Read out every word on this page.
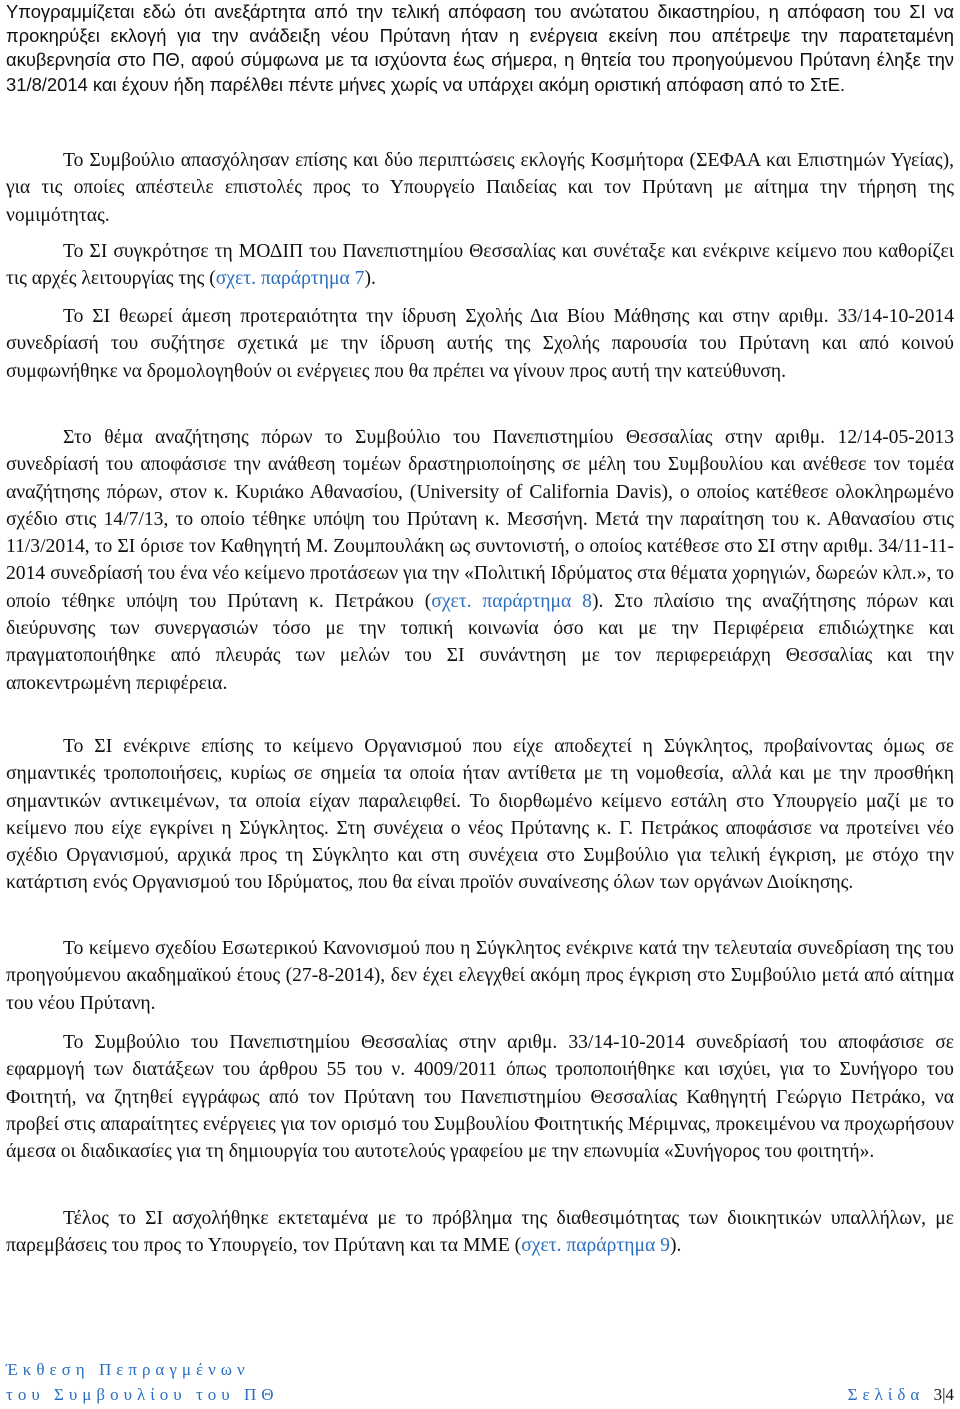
Υπογραμμίζεται εδώ ότι ανεξάρτητα από την τελική απόφαση του ανώτατου δικαστηρίου, η απόφαση του ΣΙ να προκηρύξει εκλογή για την ανάδειξη νέου Πρύτανη ήταν η ενέργεια εκείνη που απέτρεψε την παρατεταμένη ακυβερνησία στο ΠΘ, αφού σύμφωνα με τα ισχύοντα έως σήμερα, η θητεία του προηγούμενου Πρύτανη έληξε την 31/8/2014 και έχουν ήδη παρέλθει πέντε μήνες χωρίς να υπάρχει ακόμη οριστική απόφαση από το ΣτΕ.

Το Συμβούλιο απασχόλησαν επίσης και δύο περιπτώσεις εκλογής Κοσμήτορα (ΣΕΦΑΑ και Επιστημών Υγείας), για τις οποίες απέστειλε επιστολές προς το Υπουργείο Παιδείας και τον Πρύτανη με αίτημα την τήρηση της νομιμότητας.

Το ΣΙ συγκρότησε τη ΜΟΔΙΠ του Πανεπιστημίου Θεσσαλίας και συνέταξε και ενέκρινε κείμενο που καθορίζει τις αρχές λειτουργίας της (σχετ. παράρτημα 7).

Το ΣΙ θεωρεί άμεση προτεραιότητα την ίδρυση Σχολής Δια Βίου Μάθησης και στην αριθμ. 33/14-10-2014 συνεδρίασή του συζήτησε σχετικά με την ίδρυση αυτής της Σχολής παρουσία του Πρύτανη και από κοινού συμφωνήθηκε να δρομολογηθούν οι ενέργειες που θα πρέπει να γίνουν προς αυτή την κατεύθυνση.

Στο θέμα αναζήτησης πόρων το Συμβούλιο του Πανεπιστημίου Θεσσαλίας στην αριθμ. 12/14-05-2013 συνεδρίασή του αποφάσισε την ανάθεση τομέων δραστηριοποίησης σε μέλη του Συμβουλίου και ανέθεσε τον τομέα αναζήτησης πόρων, στον κ. Κυριάκο Αθανασίου, (University of California Davis), ο οποίος κατέθεσε ολοκληρωμένο σχέδιο στις 14/7/13, το οποίο τέθηκε υπόψη του Πρύτανη κ. Μεσσήνη. Μετά την παραίτηση του κ. Αθανασίου στις 11/3/2014, το ΣΙ όρισε τον Καθηγητή Μ. Ζουμπουλάκη ως συντονιστή, ο οποίος κατέθεσε στο ΣΙ στην αριθμ. 34/11-11-2014 συνεδρίασή του ένα νέο κείμενο προτάσεων για την «Πολιτική Ιδρύματος στα θέματα χορηγιών, δωρεών κλπ.», το οποίο τέθηκε υπόψη του Πρύτανη κ. Πετράκου (σχετ. παράρτημα 8). Στο πλαίσιο της αναζήτησης πόρων και διεύρυνσης των συνεργασιών τόσο με την τοπική κοινωνία όσο και με την Περιφέρεια επιδιώχτηκε και πραγματοποιήθηκε από πλευράς των μελών του ΣΙ συνάντηση με τον περιφερειάρχη Θεσσαλίας και την αποκεντρωμένη περιφέρεια.

Το ΣΙ ενέκρινε επίσης το κείμενο Οργανισμού που είχε αποδεχτεί η Σύγκλητος, προβαίνοντας όμως σε σημαντικές τροποποιήσεις, κυρίως σε σημεία τα οποία ήταν αντίθετα με τη νομοθεσία, αλλά και με την προσθήκη σημαντικών αντικειμένων, τα οποία είχαν παραλειφθεί. Το διορθωμένο κείμενο εστάλη στο Υπουργείο μαζί με το κείμενο που είχε εγκρίνει η Σύγκλητος. Στη συνέχεια ο νέος Πρύτανης κ. Γ. Πετράκος αποφάσισε να προτείνει νέο σχέδιο Οργανισμού, αρχικά προς τη Σύγκλητο και στη συνέχεια στο Συμβούλιο για τελική έγκριση, με στόχο την κατάρτιση ενός Οργανισμού του Ιδρύματος, που θα είναι προϊόν συναίνεσης όλων των οργάνων Διοίκησης.

Το κείμενο σχεδίου Εσωτερικού Κανονισμού που η Σύγκλητος ενέκρινε κατά την τελευταία συνεδρίαση της του προηγούμενου ακαδημαϊκού έτους (27-8-2014), δεν έχει ελεγχθεί ακόμη προς έγκριση στο Συμβούλιο μετά από αίτημα του νέου Πρύτανη.

Το Συμβούλιο του Πανεπιστημίου Θεσσαλίας στην αριθμ. 33/14-10-2014 συνεδρίασή του αποφάσισε σε εφαρμογή των διατάξεων του άρθρου 55 του ν. 4009/2011 όπως τροποποιήθηκε και ισχύει, για το Συνήγορο του Φοιτητή, να ζητηθεί εγγράφως από τον Πρύτανη του Πανεπιστημίου Θεσσαλίας Καθηγητή Γεώργιο Πετράκο, να προβεί στις απαραίτητες ενέργειες για τον ορισμό του Συμβουλίου Φοιτητικής Μέριμνας, προκειμένου να προχωρήσουν άμεσα οι διαδικασίες για τη δημιουργία του αυτοτελούς γραφείου με την επωνυμία «Συνήγορος του φοιτητή».

Τέλος το ΣΙ ασχολήθηκε εκτεταμένα με το πρόβλημα της διαθεσιμότητας των διοικητικών υπαλλήλων, με παρεμβάσεις του προς το Υπουργείο, τον Πρύτανη και τα ΜΜΕ (σχετ. παράρτημα 9).

Έκθεση Πεπραγμένων
του Συμβουλίου του ΠΘ	Σελίδα 3|4
